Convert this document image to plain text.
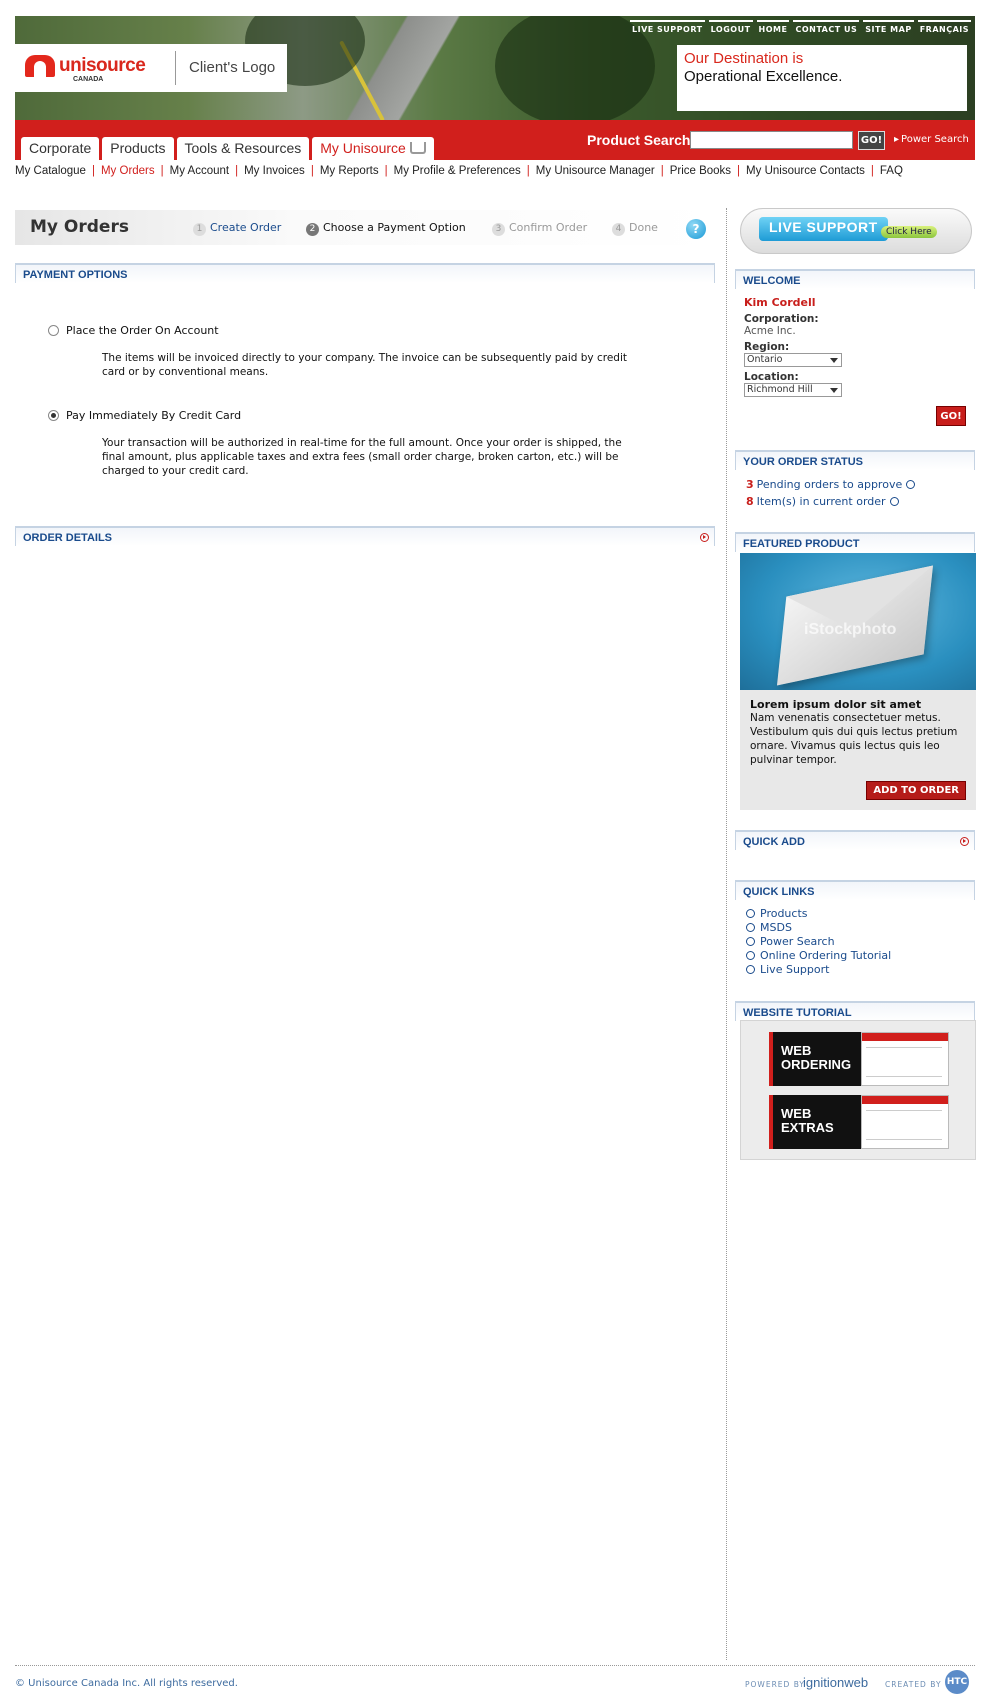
unisource
CANADA
Client's Logo
LIVE SUPPORT LOGOUT HOME CONTACT US SITE MAP FRANÇAIS
Our Destination is
Operational Excellence.
Corporate	Products	Tools & Resources	My Unisource	Product Search	GO!
▸	Power Search
My Catalogue | My Orders | My Account | My Invoices | My Reports | My Profile & Preferences | My Unisource Manager | Price Books | My Unisource Contacts | FAQ
My Orders	1 Create Order	2 Choose a Payment Option	3 Confirm Order	4 Done	?
PAYMENT OPTIONS
Place the Order On Account
The items will be invoiced directly to your company. The invoice can be subsequently paid by credit card or by conventional means.
Pay Immediately By Credit Card
Your transaction will be authorized in real-time for the full amount. Once your order is shipped, the final amount, plus applicable taxes and extra fees (small order charge, broken carton, etc.) will be charged to your credit card.
ORDER DETAILS
LIVE SUPPORT Click Here
WELCOME
Kim Cordell
Corporation:
Acme Inc.
Region:
Ontario
Location:
Richmond Hill
GO!
YOUR ORDER STATUS
3 Pending orders to approve
8 Item(s) in current order
FEATURED PRODUCT
iStockphoto
Lorem ipsum dolor sit amet
Nam venenatis consectetuer metus. Vestibulum quis dui quis lectus pretium ornare. Vivamus quis lectus quis leo pulvinar tempor.
ADD TO ORDER
QUICK ADD
QUICK LINKS
Products
MSDS
Power Search
Online Ordering Tutorial
Live Support
WEBSITE TUTORIAL
WEB ORDERING
WEB EXTRAS
© Unisource Canada Inc. All rights reserved.	POWERED BY
ignitionweb CREATED BY HTC
